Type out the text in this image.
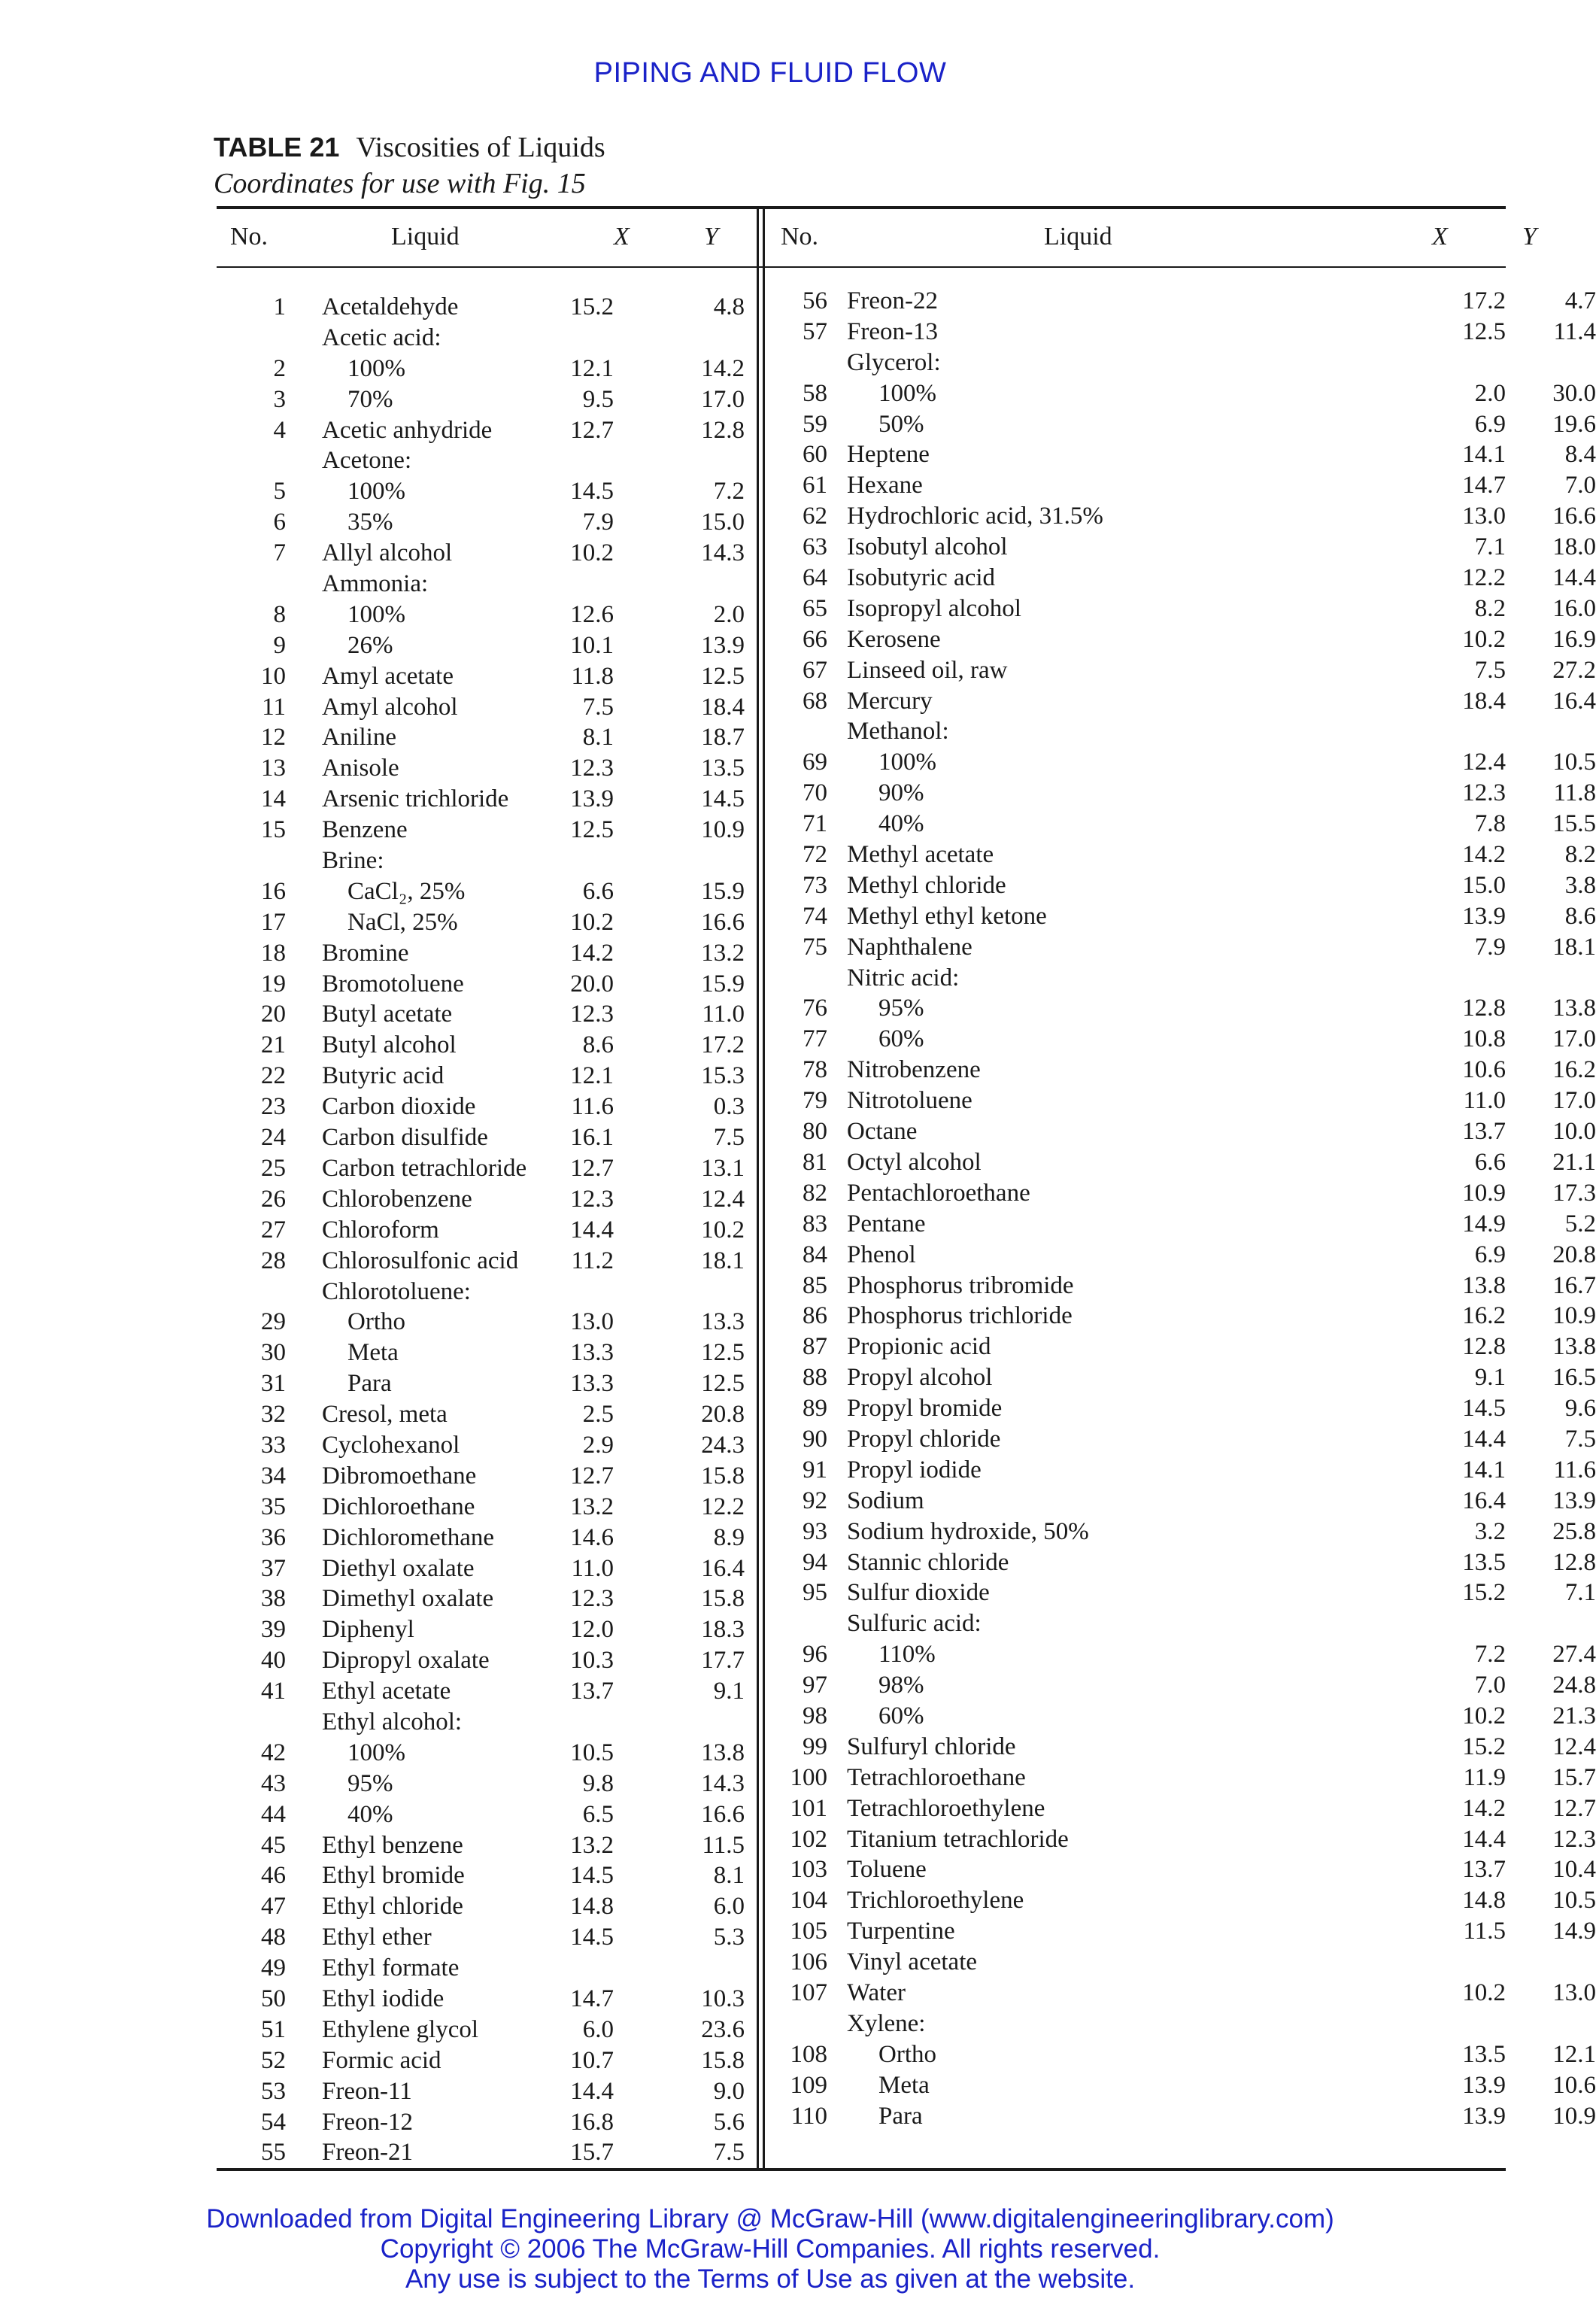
PIPING AND FLUID FLOW
TABLE 21 Viscosities of Liquids
Coordinates for use with Fig. 15
No.	Liquid	X	Y
1 Acetaldehyde	15.2	4.8
Acetic acid:
2 100%	12.1	14.2
3 70%	9.5	17.0
4 Acetic anhydride	12.7	12.8
Acetone:
5 100%	14.5	7.2
6 35%	7.9	15.0
7 Allyl alcohol	10.2	14.3
Ammonia:
8 100%	12.6	2.0
9 26%	10.1	13.9
10 Amyl acetate	11.8	12.5
11 Amyl alcohol	7.5	18.4
12 Aniline	8.1	18.7
13 Anisole	12.3	13.5
14 Arsenic trichloride	13.9	14.5
15 Benzene	12.5	10.9
Brine:
16 CaCl₂, 25%	6.6	15.9
17 NaCl, 25%	10.2	16.6
18 Bromine	14.2	13.2
19 Bromotoluene	20.0	15.9
20 Butyl acetate	12.3	11.0
21 Butyl alcohol	8.6	17.2
22 Butyric acid	12.1	15.3
23 Carbon dioxide	11.6	0.3
24 Carbon disulfide	16.1	7.5
25 Carbon tetrachloride	12.7	13.1
26 Chlorobenzene	12.3	12.4
27 Chloroform	14.4	10.2
28 Chlorosulfonic acid	11.2	18.1
Chlorotoluene:
29 Ortho	13.0	13.3
30 Meta	13.3	12.5
31 Para	13.3	12.5
32 Cresol, meta	2.5	20.8
33 Cyclohexanol	2.9	24.3
34 Dibromoethane	12.7	15.8
35 Dichloroethane	13.2	12.2
36 Dichloromethane	14.6	8.9
37 Diethyl oxalate	11.0	16.4
38 Dimethyl oxalate	12.3	15.8
39 Diphenyl	12.0	18.3
40 Dipropyl oxalate	10.3	17.7
41 Ethyl acetate	13.7	9.1
Ethyl alcohol:
42 100%	10.5	13.8
43 95%	9.8	14.3
44 40%	6.5	16.6
45 Ethyl benzene	13.2	11.5
46 Ethyl bromide	14.5	8.1
47 Ethyl chloride	14.8	6.0
48 Ethyl ether	14.5	5.3
49 Ethyl formate
50 Ethyl iodide	14.7	10.3
51 Ethylene glycol	6.0	23.6
52 Formic acid	10.7	15.8
53 Freon-11	14.4	9.0
54 Freon-12	16.8	5.6
55 Freon-21	15.7	7.5
No.	Liquid	X	Y
56 Freon-22	17.2	4.7
57 Freon-13	12.5	11.4
Glycerol:
58 100%	2.0	30.0
59 50%	6.9	19.6
60 Heptene	14.1	8.4
61 Hexane	14.7	7.0
62 Hydrochloric acid, 31.5%	13.0	16.6
63 Isobutyl alcohol	7.1	18.0
64 Isobutyric acid	12.2	14.4
65 Isopropyl alcohol	8.2	16.0
66 Kerosene	10.2	16.9
67 Linseed oil, raw	7.5	27.2
68 Mercury	18.4	16.4
Methanol:
69 100%	12.4	10.5
70 90%	12.3	11.8
71 40%	7.8	15.5
72 Methyl acetate	14.2	8.2
73 Methyl chloride	15.0	3.8
74 Methyl ethyl ketone	13.9	8.6
75 Naphthalene	7.9	18.1
Nitric acid:
76 95%	12.8	13.8
77 60%	10.8	17.0
78 Nitrobenzene	10.6	16.2
79 Nitrotoluene	11.0	17.0
80 Octane	13.7	10.0
81 Octyl alcohol	6.6	21.1
82 Pentachloroethane	10.9	17.3
83 Pentane	14.9	5.2
84 Phenol	6.9	20.8
85 Phosphorus tribromide	13.8	16.7
86 Phosphorus trichloride	16.2	10.9
87 Propionic acid	12.8	13.8
88 Propyl alcohol	9.1	16.5
89 Propyl bromide	14.5	9.6
90 Propyl chloride	14.4	7.5
91 Propyl iodide	14.1	11.6
92 Sodium	16.4	13.9
93 Sodium hydroxide, 50%	3.2	25.8
94 Stannic chloride	13.5	12.8
95 Sulfur dioxide	15.2	7.1
Sulfuric acid:
96 110%	7.2	27.4
97 98%	7.0	24.8
98 60%	10.2	21.3
99 Sulfuryl chloride	15.2	12.4
100 Tetrachloroethane	11.9	15.7
101 Tetrachloroethylene	14.2	12.7
102 Titanium tetrachloride	14.4	12.3
103 Toluene	13.7	10.4
104 Trichloroethylene	14.8	10.5
105 Turpentine	11.5	14.9
106 Vinyl acetate
107 Water	10.2	13.0
Xylene:
108 Ortho	13.5	12.1
109 Meta	13.9	10.6
110 Para	13.9	10.9
Downloaded from Digital Engineering Library @ McGraw-Hill (www.digitalengineeringlibrary.com)
Copyright © 2006 The McGraw-Hill Companies. All rights reserved.
Any use is subject to the Terms of Use as given at the website.
